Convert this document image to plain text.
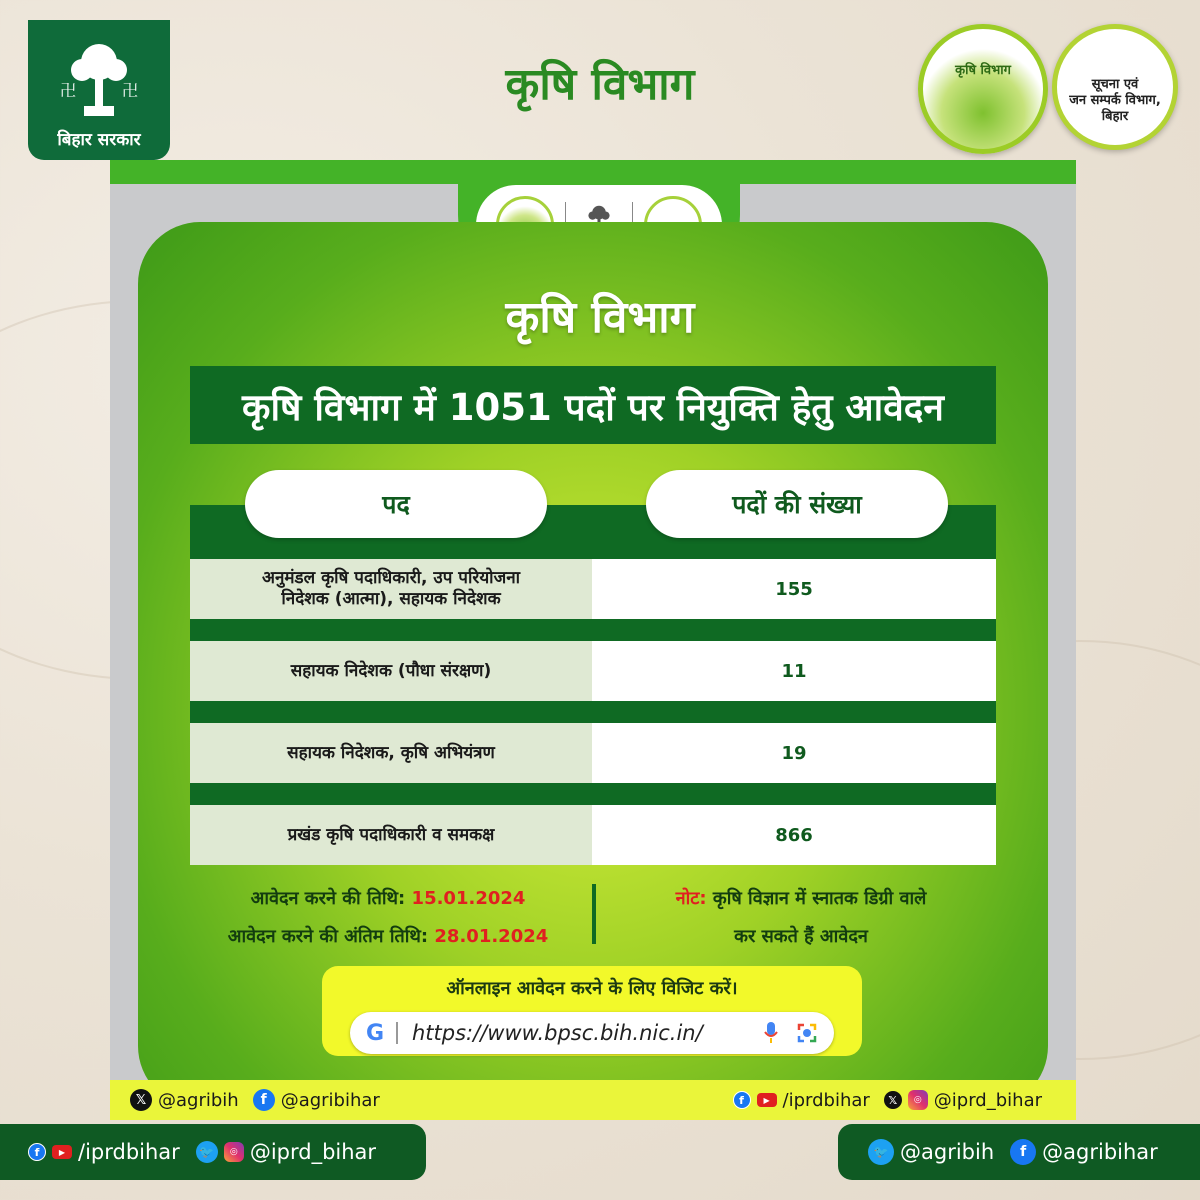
卍	卍
बिहार सरकार
कृषि विभाग	कृषि विभाग
सूचना एवं
जन सम्पर्क विभाग,
बिहार
कृषि विभाग
कृषि विभाग में 1051 पदों पर नियुक्ति हेतु आवेदन
पद	पदों की संख्या
अनुमंडल कृषि पदाधिकारी, उप परियोजना
निदेशक (आत्मा), सहायक निदेशक	155
सहायक निदेशक (पौधा संरक्षण)	11
सहायक निदेशक, कृषि अभियंत्रण	19
प्रखंड कृषि पदाधिकारी व समकक्ष	866
आवेदन करने की तिथि: 15.01.2024
आवेदन करने की अंतिम तिथि: 28.01.2024
नोट: कृषि विज्ञान में स्नातक डिग्री वाले
कर सकते हैं आवेदन
ऑनलाइन आवेदन करने के लिए विजिट करें।
G	https://www.bpsc.bih.nic.in/
𝕏 @agribih	f @agribihar	f	▶ /iprdbihar	𝕏	◎ @iprd_bihar
f	▶ /iprdbihar 🐦	◎ @iprd_bihar	🐦 @agribih	f @agribihar
